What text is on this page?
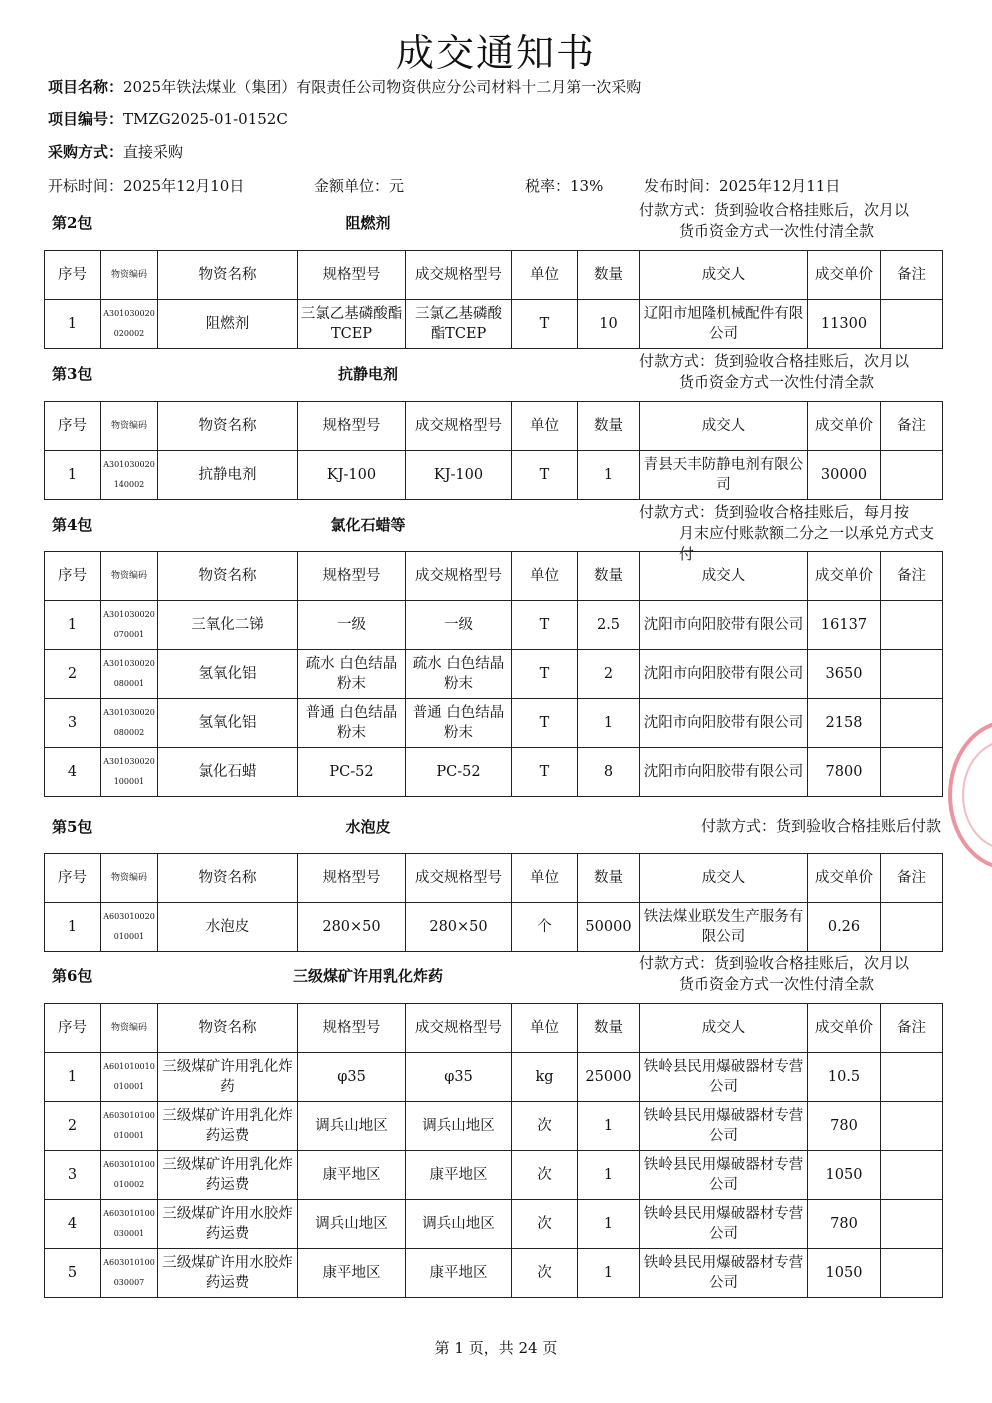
成交通知书
项目名称：2025年铁法煤业（集团）有限责任公司物资供应分公司材料十二月第一次采购
项目编号：TMZG2025-01-0152C
采购方式：直接采购
开标时间：2025年12月10日	金额单位：元	税率：13%	发布时间：2025年12月11日
第2包	阻燃剂
付款方式：货到验收合格挂账后，次月以
货币资金方式一次性付清全款
序号	物资编码	物资名称	规格型号	成交规格型号	单位	数量	成交人	成交单价	备注
1	A301030020020002	阻燃剂	三氯乙基磷酸酯TCEP	三氯乙基磷酸酯TCEP	T	10	辽阳市旭隆机械配件有限公司	11300	
第3包	抗静电剂
付款方式：货到验收合格挂账后，次月以
货币资金方式一次性付清全款
序号	物资编码	物资名称	规格型号	成交规格型号	单位	数量	成交人	成交单价	备注
1	A301030020140002	抗静电剂	KJ-100	KJ-100	T	1	青县天丰防静电剂有限公司	30000	
第4包	氯化石蜡等
付款方式：货到验收合格挂账后，每月按
月末应付账款额二分之一以承兑方式支付
序号	物资编码	物资名称	规格型号	成交规格型号	单位	数量	成交人	成交单价	备注
1	A301030020070001	三氧化二锑	一级	一级	T	2.5	沈阳市向阳胶带有限公司	16137	
2	A301030020080001	氢氧化铝	疏水 白色结晶粉末	疏水 白色结晶粉末	T	2	沈阳市向阳胶带有限公司	3650	
3	A301030020080002	氢氧化铝	普通 白色结晶粉末	普通 白色结晶粉末	T	1	沈阳市向阳胶带有限公司	2158	
4	A301030020100001	氯化石蜡	PC-52	PC-52	T	8	沈阳市向阳胶带有限公司	7800	
第5包	水泡皮	付款方式：货到验收合格挂账后付款
序号	物资编码	物资名称	规格型号	成交规格型号	单位	数量	成交人	成交单价	备注
1	A603010020010001	水泡皮	280×50	280×50	个	50000	铁法煤业联发生产服务有限公司	0.26	
第6包	三级煤矿许用乳化炸药
付款方式：货到验收合格挂账后，次月以
货币资金方式一次性付清全款
序号	物资编码	物资名称	规格型号	成交规格型号	单位	数量	成交人	成交单价	备注
1	A601010010010001	三级煤矿许用乳化炸药	φ35	φ35	kg	25000	铁岭县民用爆破器材专营公司	10.5	
2	A603010100010001	三级煤矿许用乳化炸药运费	调兵山地区	调兵山地区	次	1	铁岭县民用爆破器材专营公司	780	
3	A603010100010002	三级煤矿许用乳化炸药运费	康平地区	康平地区	次	1	铁岭县民用爆破器材专营公司	1050	
4	A603010100030001	三级煤矿许用水胶炸药运费	调兵山地区	调兵山地区	次	1	铁岭县民用爆破器材专营公司	780	
5	A603010100030007	三级煤矿许用水胶炸药运费	康平地区	康平地区	次	1	铁岭县民用爆破器材专营公司	1050	
第 1 页，共 24 页
